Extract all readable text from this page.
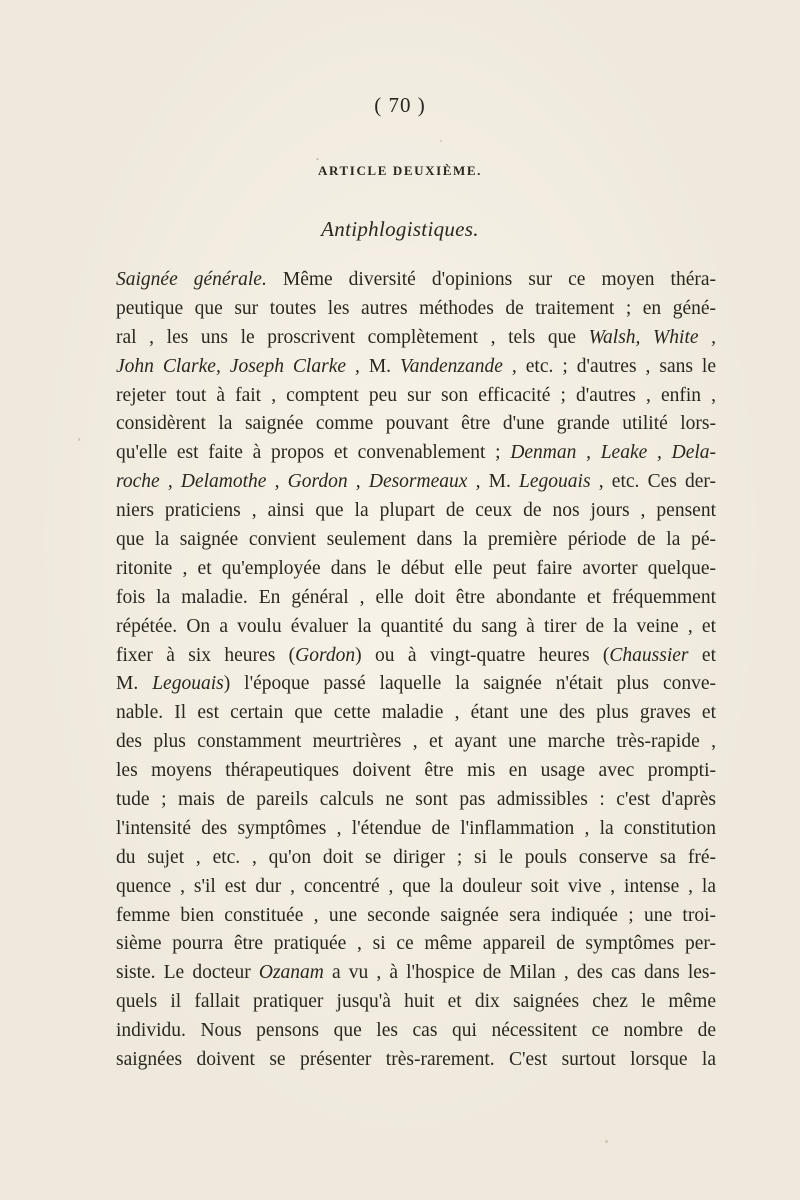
( 70 )
ARTICLE DEUXIÈME.
Antiphlogistiques.
Saignée générale. Même diversité d'opinions sur ce moyen théra-
peutique que sur toutes les autres méthodes de traitement ; en géné-
ral , les uns le proscrivent complètement , tels que Walsh, White ,
John Clarke, Joseph Clarke , M. Vandenzande , etc. ; d'autres , sans le
rejeter tout à fait , comptent peu sur son efficacité ; d'autres , enfin ,
considèrent la saignée comme pouvant être d'une grande utilité lors-
qu'elle est faite à propos et convenablement ; Denman , Leake , Dela-
roche , Delamothe , Gordon , Desormeaux , M. Legouais , etc. Ces der-
niers praticiens , ainsi que la plupart de ceux de nos jours , pensent
que la saignée convient seulement dans la première période de la pé-
ritonite , et qu'employée dans le début elle peut faire avorter quelque-
fois la maladie. En général , elle doit être abondante et fréquemment
répétée. On a voulu évaluer la quantité du sang à tirer de la veine , et
fixer à six heures (Gordon) ou à vingt-quatre heures (Chaussier et
M. Legouais) l'époque passé laquelle la saignée n'était plus conve-
nable. Il est certain que cette maladie , étant une des plus graves et
des plus constamment meurtrières , et ayant une marche très-rapide ,
les moyens thérapeutiques doivent être mis en usage avec prompti-
tude ; mais de pareils calculs ne sont pas admissibles : c'est d'après
l'intensité des symptômes , l'étendue de l'inflammation , la constitution
du sujet , etc. , qu'on doit se diriger ; si le pouls conserve sa fré-
quence , s'il est dur , concentré , que la douleur soit vive , intense , la
femme bien constituée , une seconde saignée sera indiquée ; une troi-
sième pourra être pratiquée , si ce même appareil de symptômes per-
siste. Le docteur Ozanam a vu , à l'hospice de Milan , des cas dans les-
quels il fallait pratiquer jusqu'à huit et dix saignées chez le même
individu. Nous pensons que les cas qui nécessitent ce nombre de
saignées doivent se présenter très-rarement. C'est surtout lorsque la
